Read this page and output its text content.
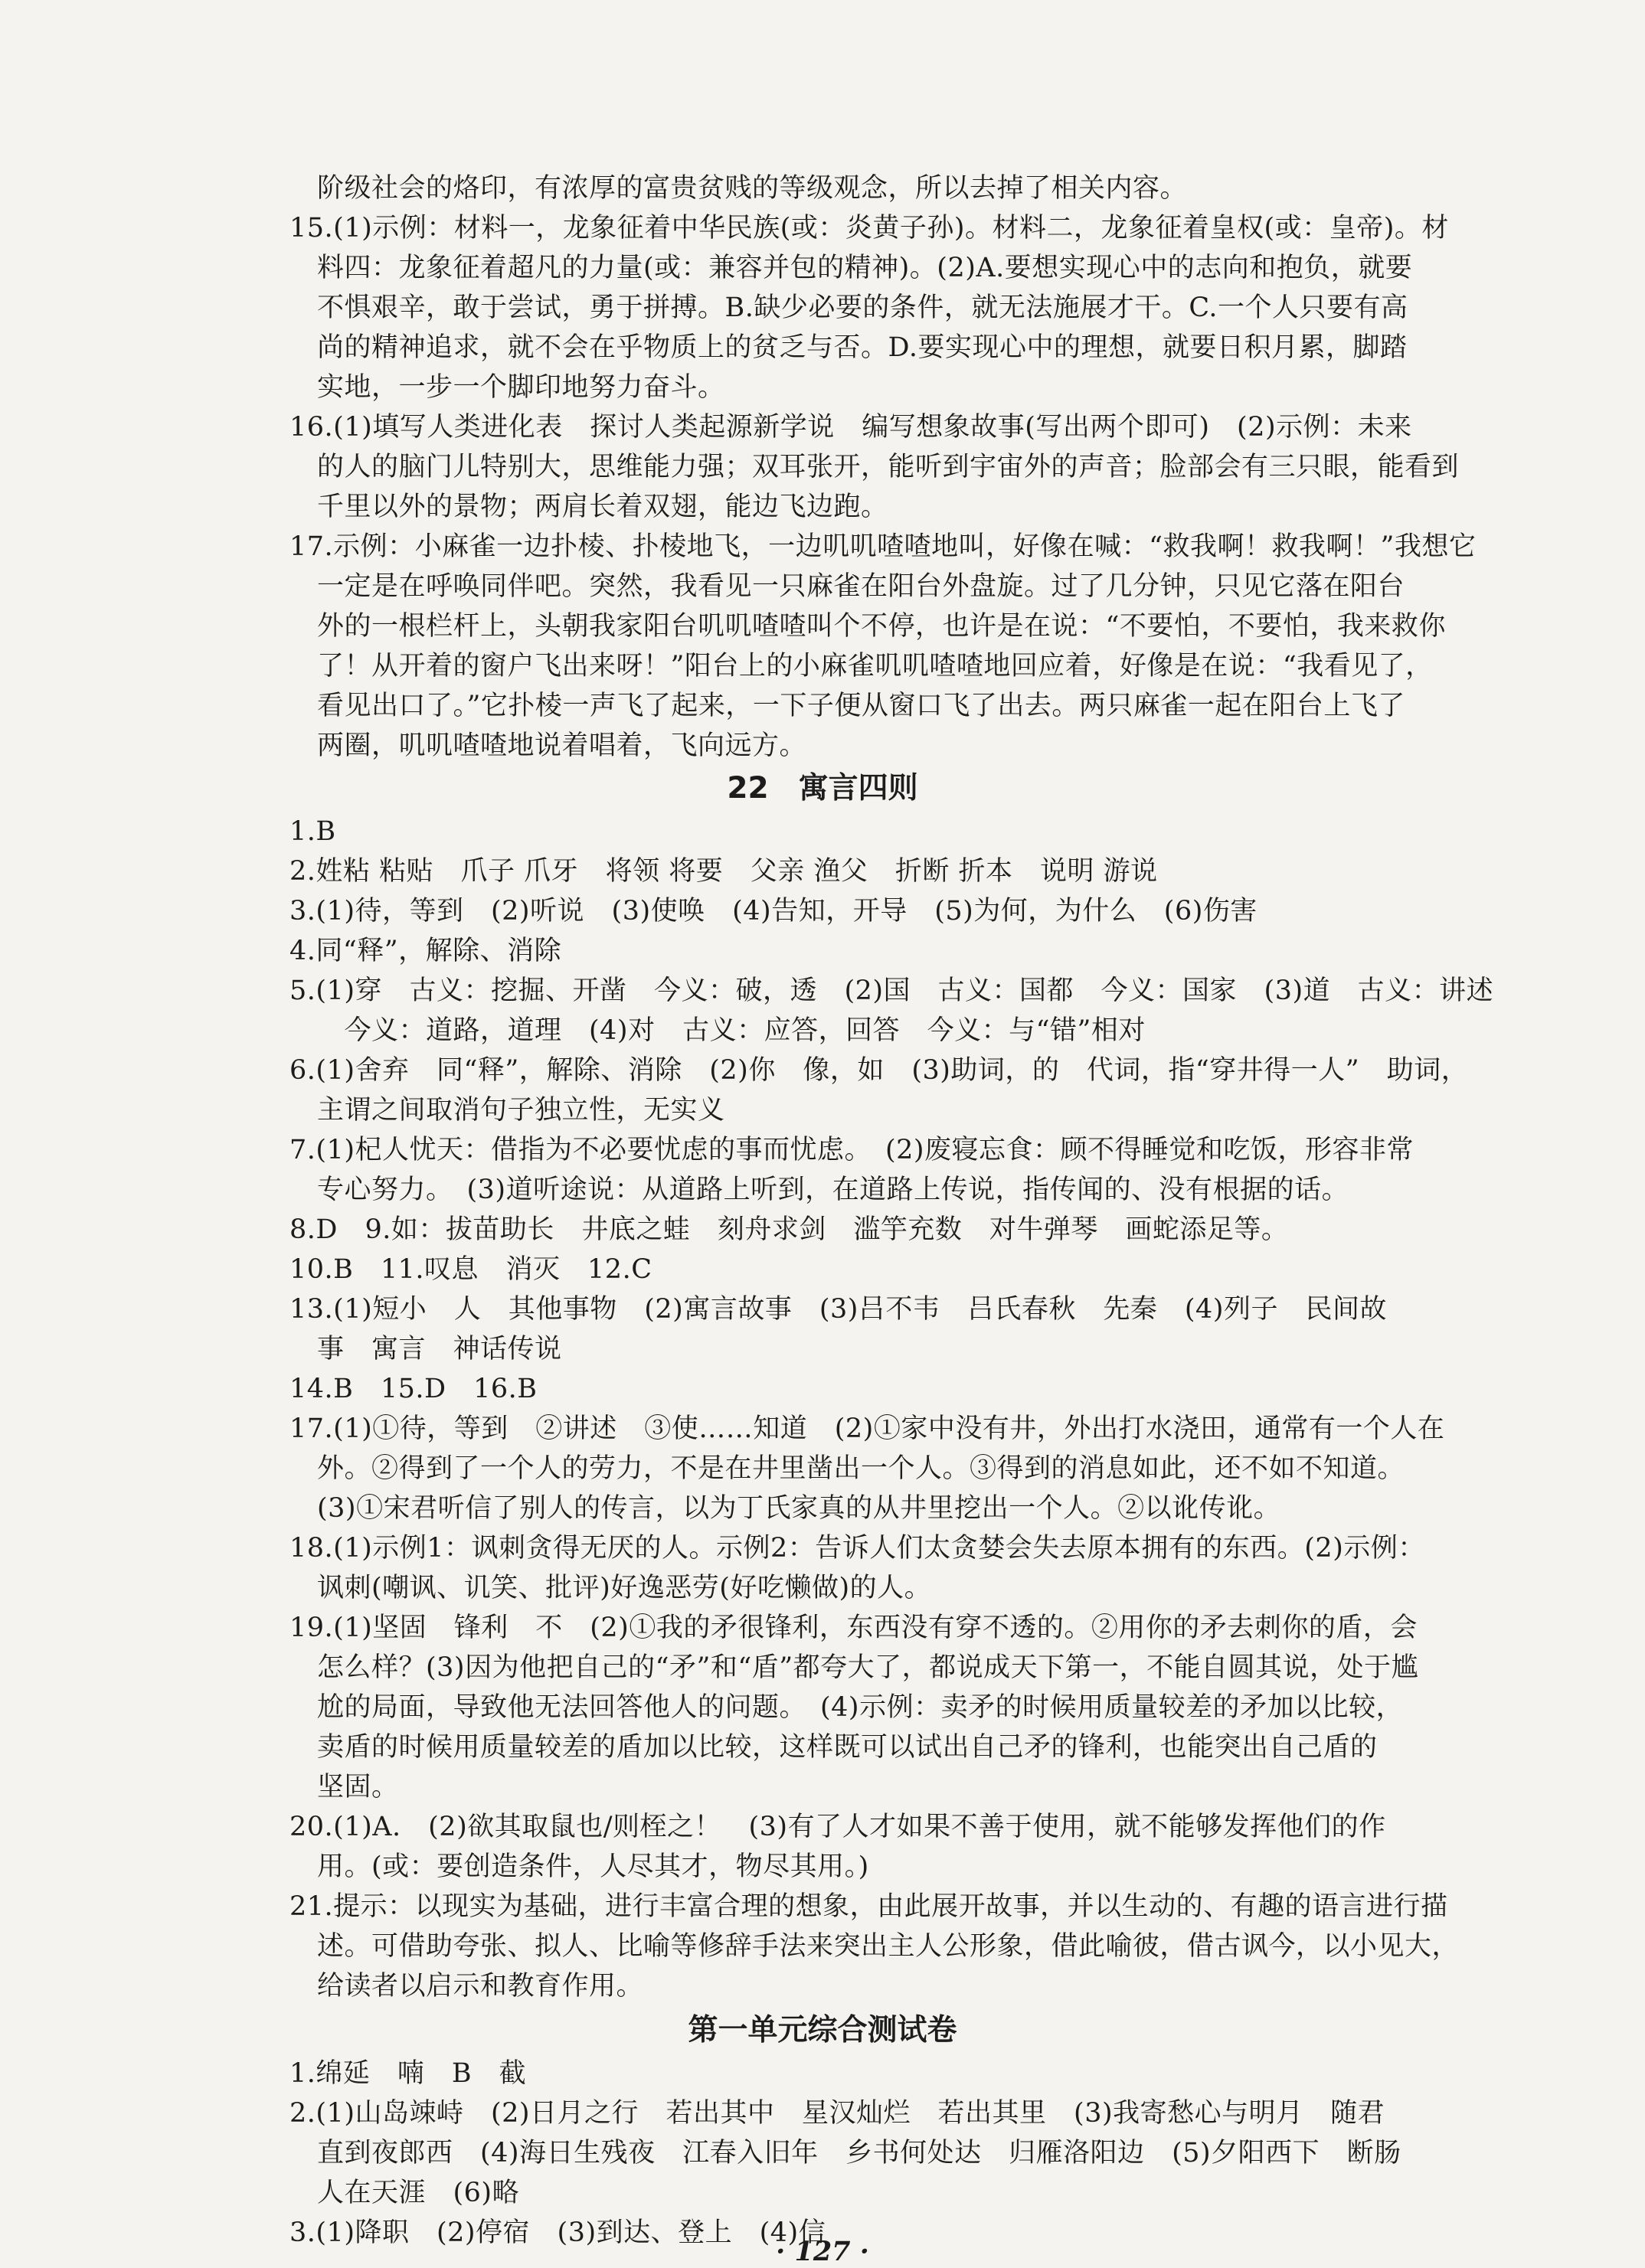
阶级社会的烙印，有浓厚的富贵贫贱的等级观念，所以去掉了相关内容。
15.(1)示例：材料一，龙象征着中华民族(或：炎黄子孙)。材料二，龙象征着皇权(或：皇帝)。材
料四：龙象征着超凡的力量(或：兼容并包的精神)。(2)A.要想实现心中的志向和抱负，就要
不惧艰辛，敢于尝试，勇于拼搏。B.缺少必要的条件，就无法施展才干。C.一个人只要有高
尚的精神追求，就不会在乎物质上的贫乏与否。D.要实现心中的理想，就要日积月累，脚踏
实地，一步一个脚印地努力奋斗。
16.(1)填写人类进化表　探讨人类起源新学说　编写想象故事(写出两个即可)　(2)示例：未来
的人的脑门儿特别大，思维能力强；双耳张开，能听到宇宙外的声音；脸部会有三只眼，能看到
千里以外的景物；两肩长着双翅，能边飞边跑。
17.示例：小麻雀一边扑棱、扑棱地飞，一边叽叽喳喳地叫，好像在喊：“救我啊！救我啊！”我想它
一定是在呼唤同伴吧。突然，我看见一只麻雀在阳台外盘旋。过了几分钟，只见它落在阳台
外的一根栏杆上，头朝我家阳台叽叽喳喳叫个不停，也许是在说：“不要怕，不要怕，我来救你
了！从开着的窗户飞出来呀！”阳台上的小麻雀叽叽喳喳地回应着，好像是在说：“我看见了，
看见出口了。”它扑棱一声飞了起来，一下子便从窗口飞了出去。两只麻雀一起在阳台上飞了
两圈，叽叽喳喳地说着唱着，飞向远方。
22　寓言四则
1.B
2.姓粘 粘贴　爪子 爪牙　将领 将要　父亲 渔父　折断 折本　说明 游说
3.(1)待，等到　(2)听说　(3)使唤　(4)告知，开导　(5)为何，为什么　(6)伤害
4.同“释”，解除、消除
5.(1)穿　古义：挖掘、开凿　今义：破，透　(2)国　古义：国都　今义：国家　(3)道　古义：讲述
　今义：道路，道理　(4)对　古义：应答，回答　今义：与“错”相对
6.(1)舍弃　同“释”，解除、消除　(2)你　像，如　(3)助词，的　代词，指“穿井得一人”　助词，
主谓之间取消句子独立性，无实义
7.(1)杞人忧天：借指为不必要忧虑的事而忧虑。　(2)废寝忘食：顾不得睡觉和吃饭，形容非常
专心努力。　(3)道听途说：从道路上听到，在道路上传说，指传闻的、没有根据的话。
8.D　9.如：拔苗助长　井底之蛙　刻舟求剑　滥竽充数　对牛弹琴　画蛇添足等。
10.B　11.叹息　消灭　12.C
13.(1)短小　人　其他事物　(2)寓言故事　(3)吕不韦　吕氏春秋　先秦　(4)列子　民间故
事　寓言　神话传说
14.B　15.D　16.B
17.(1)①待，等到　②讲述　③使……知道　(2)①家中没有井，外出打水浇田，通常有一个人在
外。②得到了一个人的劳力，不是在井里凿出一个人。③得到的消息如此，还不如不知道。
(3)①宋君听信了别人的传言，以为丁氏家真的从井里挖出一个人。②以讹传讹。
18.(1)示例1：讽刺贪得无厌的人。示例2：告诉人们太贪婪会失去原本拥有的东西。(2)示例：
讽刺(嘲讽、讥笑、批评)好逸恶劳(好吃懒做)的人。
19.(1)坚固　锋利　不　(2)①我的矛很锋利，东西没有穿不透的。②用你的矛去刺你的盾，会
怎么样？(3)因为他把自己的“矛”和“盾”都夸大了，都说成天下第一，不能自圆其说，处于尴
尬的局面，导致他无法回答他人的问题。　(4)示例：卖矛的时候用质量较差的矛加以比较，
卖盾的时候用质量较差的盾加以比较，这样既可以试出自己矛的锋利，也能突出自己盾的
坚固。
20.(1)A.　(2)欲其取鼠也/则桎之！　(3)有了人才如果不善于使用，就不能够发挥他们的作
用。(或：要创造条件，人尽其才，物尽其用。)
21.提示：以现实为基础，进行丰富合理的想象，由此展开故事，并以生动的、有趣的语言进行描
述。可借助夸张、拟人、比喻等修辞手法来突出主人公形象，借此喻彼，借古讽今，以小见大，
给读者以启示和教育作用。
第一单元综合测试卷
1.绵延　喃　B　截
2.(1)山岛竦峙　(2)日月之行　若出其中　星汉灿烂　若出其里　(3)我寄愁心与明月　随君
直到夜郎西　(4)海日生残夜　江春入旧年　乡书何处达　归雁洛阳边　(5)夕阳西下　断肠
人在天涯　(6)略
3.(1)降职　(2)停宿　(3)到达、登上　(4)信
· 127 ·
